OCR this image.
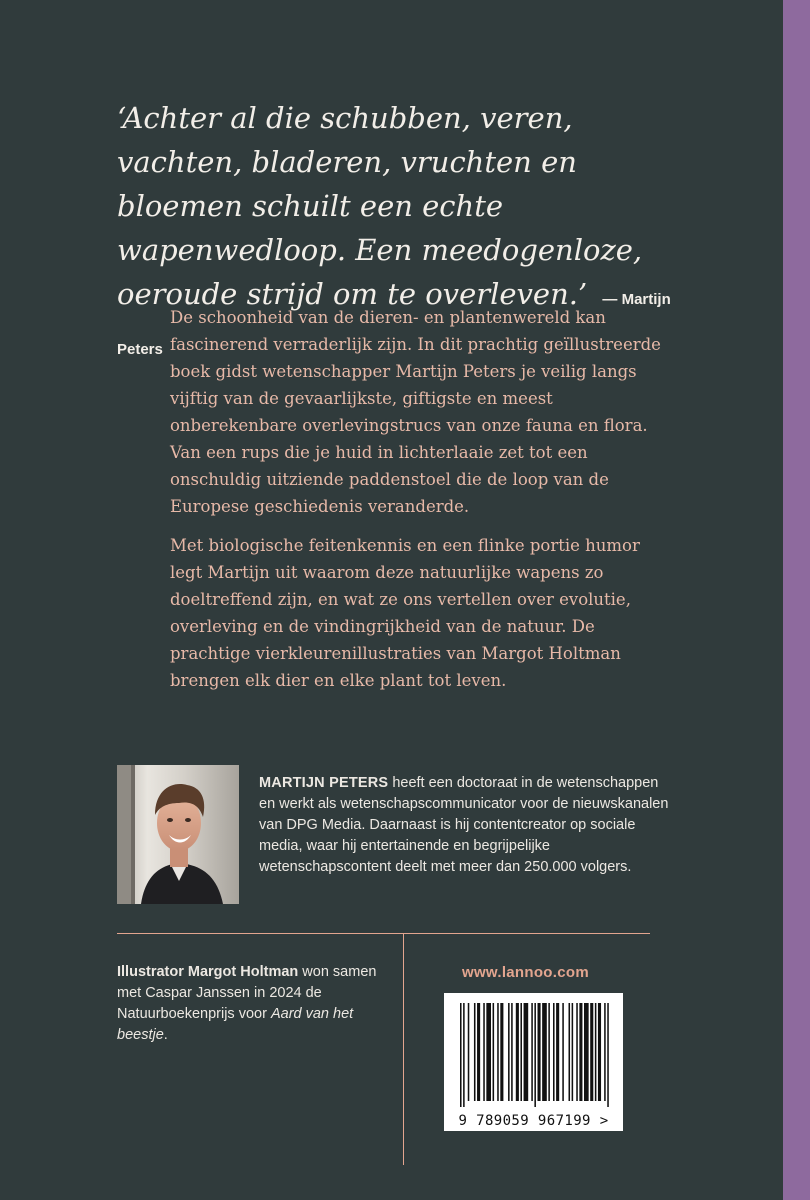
‘Achter al die schubben, veren, vachten, bladeren, vruchten en bloemen schuilt een echte wapenwedloop. Een meedogenloze, oeroude strijd om te overleven.’ — Martijn Peters

De schoonheid van de dieren- en plantenwereld kan fascinerend verraderlijk zijn. In dit prachtig geïllustreerde boek gidst wetenschapper Martijn Peters je veilig langs vijftig van de gevaarlijkste, giftigste en meest onberekenbare overlevingstrucs van onze fauna en flora. Van een rups die je huid in lichterlaaie zet tot een onschuldig uitziende paddenstoel die de loop van de Europese geschiedenis veranderde.

Met biologische feitenkennis en een flinke portie humor legt Martijn uit waarom deze natuurlijke wapens zo doeltreffend zijn, en wat ze ons vertellen over evolutie, overleving en de vindingrijkheid van de natuur. De prachtige vierkleurenillustraties van Margot Holtman brengen elk dier en elke plant tot leven.

MARTIJN PETERS heeft een doctoraat in de wetenschappen en werkt als wetenschapscommunicator voor de nieuwskanalen van DPG Media. Daarnaast is hij contentcreator op sociale media, waar hij entertainende en begrijpelijke wetenschapscontent deelt met meer dan 250.000 volgers.

Illustrator Margot Holtman won samen met Caspar Janssen in 2024 de Natuurboekenprijs voor Aard van het beestje.

www.lannoo.com
9 789059 967199 >
